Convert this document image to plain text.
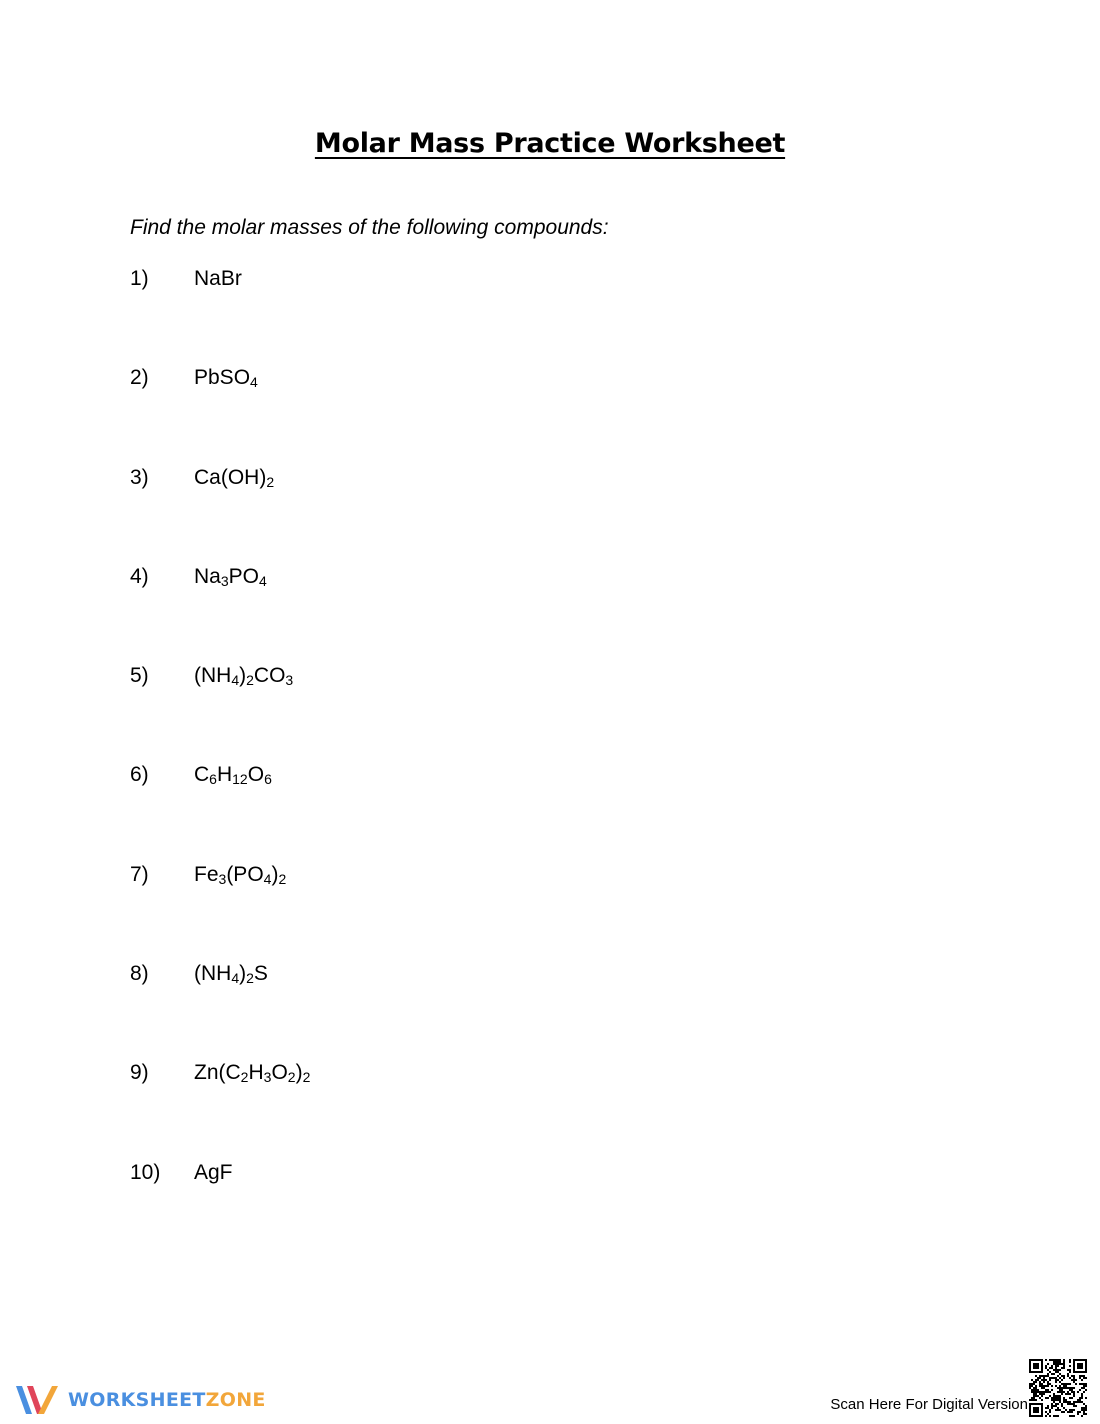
Molar Mass Practice Worksheet
Find the molar masses of the following compounds:
1)	NaBr
2)	PbSO$_4$
3)	$Ca(OH)_2$
4)	$Na_3PO_4$
5)	$(NH_4)_2CO_3$
6)	$C_6H_{12}O_6$
7)	$Fe_3(PO_4)_2$
8)	$(NH_4)_2S$
9)	$Zn(C_2H_3O_2)_2$
10)	AgF
WORKSHEETZONE	Scan Here For Digital Version
